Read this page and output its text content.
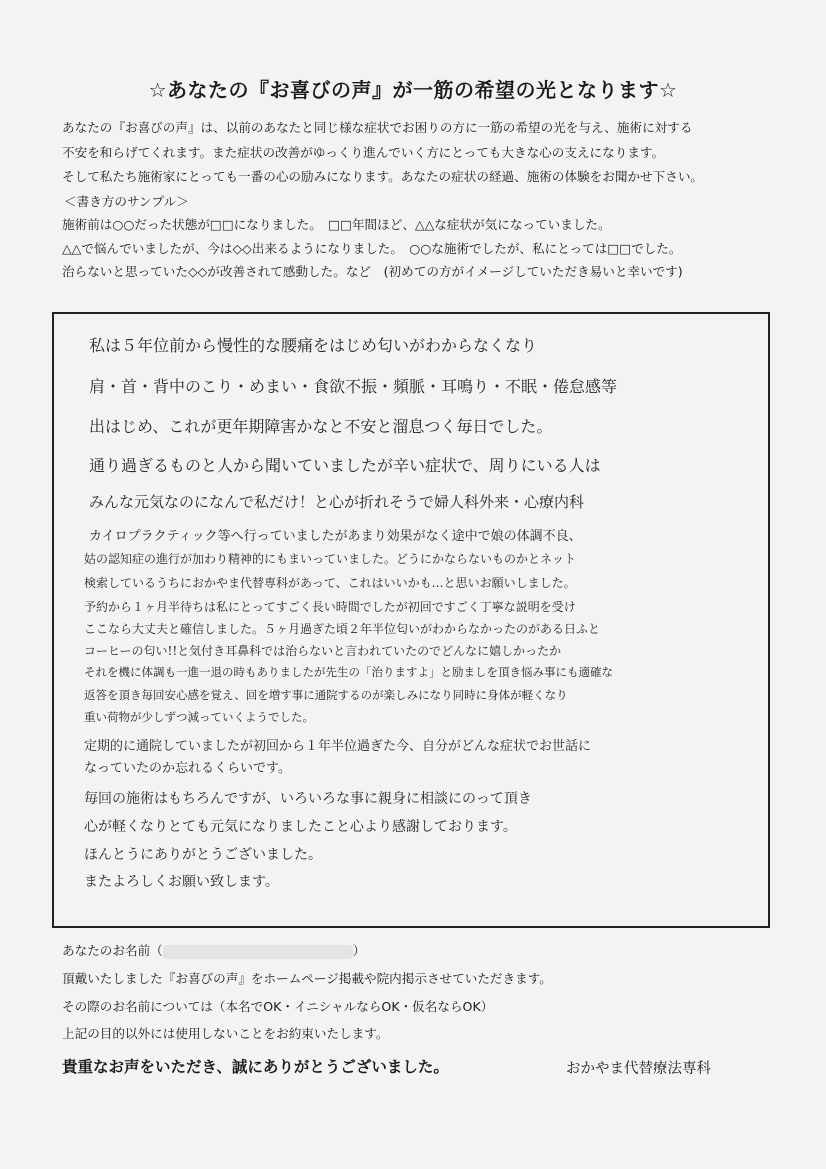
☆あなたの『お喜びの声』が一筋の希望の光となります☆
あなたの『お喜びの声』は、以前のあなたと同じ様な症状でお困りの方に一筋の希望の光を与え、施術に対する
不安を和らげてくれます。また症状の改善がゆっくり進んでいく方にとっても大きな心の支えになります。
そして私たち施術家にとっても一番の心の励みになります。あなたの症状の経過、施術の体験をお聞かせ下さい。
＜書き方のサンプル＞
施術前は○○だった状態が□□になりました。　□□年間ほど、△△な症状が気になっていました。
△△で悩んでいましたが、今は◇◇出来るようになりました。　○○な施術でしたが、私にとっては□□でした。
治らないと思っていた◇◇が改善されて感動した。など　(初めての方がイメージしていただき易いと幸いです)
私は５年位前から慢性的な腰痛をはじめ匂いがわからなくなり
肩・首・背中のこり・めまい・食欲不振・頻脈・耳鳴り・不眠・倦怠感等
出はじめ、これが更年期障害かなと不安と溜息つく毎日でした。
通り過ぎるものと人から聞いていましたが辛い症状で、周りにいる人は
みんな元気なのになんで私だけ！と心が折れそうで婦人科外来・心療内科
カイロプラクティック等へ行っていましたがあまり効果がなく途中で娘の体調不良、
姑の認知症の進行が加わり精神的にもまいっていました。どうにかならないものかとネット
検索しているうちにおかやま代替専科があって、これはいいかも…と思いお願いしました。
予約から１ヶ月半待ちは私にとってすごく長い時間でしたが初回ですごく丁寧な説明を受け
ここなら大丈夫と確信しました。５ヶ月過ぎた頃２年半位匂いがわからなかったのがある日ふと
コーヒーの匂い!!と気付き耳鼻科では治らないと言われていたのでどんなに嬉しかったか
それを機に体調も一進一退の時もありましたが先生の「治りますよ」と励ましを頂き悩み事にも適確な
返答を頂き毎回安心感を覚え、回を増す事に通院するのが楽しみになり同時に身体が軽くなり
重い荷物が少しずつ減っていくようでした。
定期的に通院していましたが初回から１年半位過ぎた今、自分がどんな症状でお世話に
なっていたのか忘れるくらいです。
毎回の施術はもちろんですが、いろいろな事に親身に相談にのって頂き
心が軽くなりとても元気になりましたこと心より感謝しております。
ほんとうにありがとうございました。
またよろしくお願い致します。
あなたのお名前（	）
頂戴いたしました『お喜びの声』をホームページ掲載や院内掲示させていただきます。
その際のお名前については（本名でOK・イニシャルならOK・仮名ならOK）
上記の目的以外には使用しないことをお約束いたします。
貴重なお声をいただき、誠にありがとうございました。	おかやま代替療法専科
